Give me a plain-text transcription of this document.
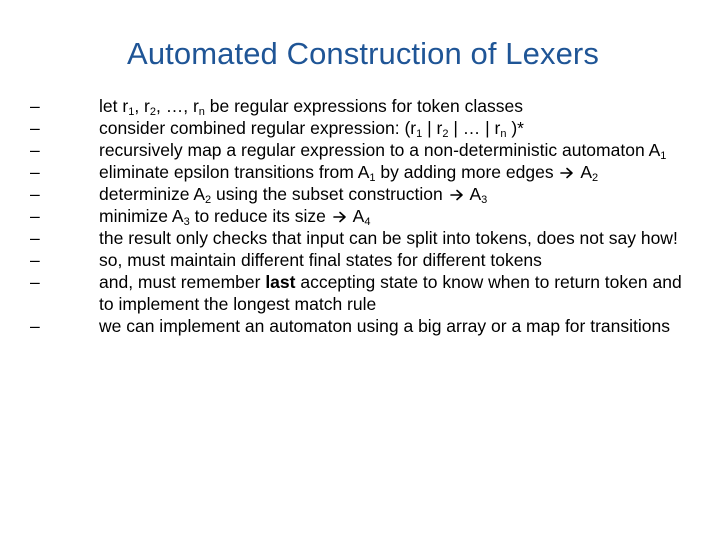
Automated Construction of Lexers
–	let $r_1$, $r_2$, …, $r_n$ be regular expressions for token classes
–	consider combined regular expression: ($r_1$ | $r_2$ | … | $r_n$ )*
–	recursively map a regular expression to a non-deterministic automaton $A_1$
–	eliminate epsilon transitions from $A_1$ by adding more edges  $A_2$
–	determinize $A_2$ using the subset construction  $A_3$
–	minimize $A_3$ to reduce its size  $A_4$
–	the result only checks that input can be split into tokens, does not say how!
–	so, must maintain different final states for different tokens
–	and, must remember last accepting state to know when to return token and to implement the longest match rule
–	we can implement an automaton using a big array or a map for transitions
